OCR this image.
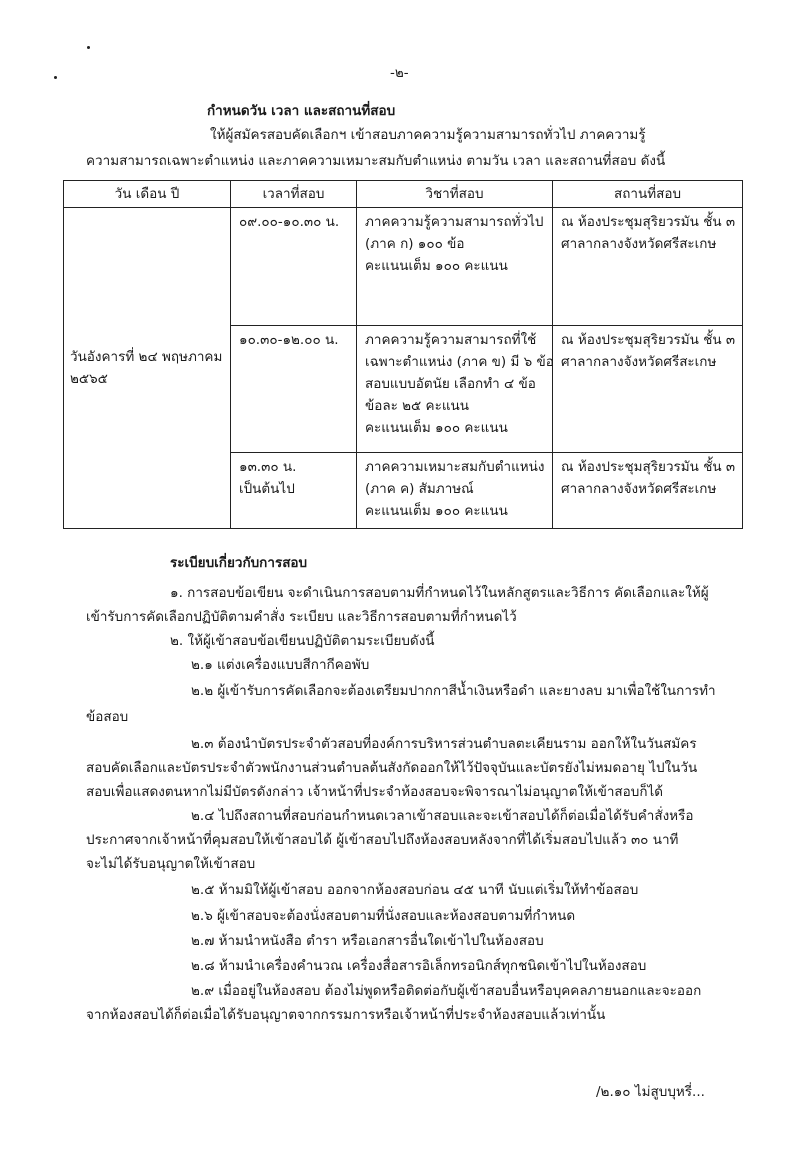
-๒-
กำหนดวัน เวลา และสถานที่สอบ
ให้ผู้สมัครสอบคัดเลือกฯ เข้าสอบภาคความรู้ความสามารถทั่วไป ภาคความรู้
ความสามารถเฉพาะตำแหน่ง และภาคความเหมาะสมกับตำแหน่ง ตามวัน เวลา และสถานที่สอบ ดังนี้
วัน เดือน ปี	เวลาที่สอบ	วิชาที่สอบ	สถานที่สอบ

วันอังคารที่ ๒๔ พฤษภาคม
๒๕๖๕	๐๙.๐๐-๑๐.๓๐ น.	ภาคความรู้ความสามารถทั่วไป
(ภาค ก) ๑๐๐ ข้อ
คะแนนเต็ม ๑๐๐ คะแนน	ณ ห้องประชุมสุริยวรมัน ชั้น ๓
ศาลากลางจังหวัดศรีสะเกษ

	๑๐.๓๐-๑๒.๐๐ น.	ภาคความรู้ความสามารถที่ใช้
เฉพาะตำแหน่ง (ภาค ข) มี ๖ ข้อ
สอบแบบอัตนัย เลือกทำ ๔ ข้อ
ข้อละ ๒๕ คะแนน
คะแนนเต็ม ๑๐๐ คะแนน	ณ ห้องประชุมสุริยวรมัน ชั้น ๓
ศาลากลางจังหวัดศรีสะเกษ

	๑๓.๓๐ น.
เป็นต้นไป	ภาคความเหมาะสมกับตำแหน่ง
(ภาค ค) สัมภาษณ์
คะแนนเต็ม ๑๐๐ คะแนน	ณ ห้องประชุมสุริยวรมัน ชั้น ๓
ศาลากลางจังหวัดศรีสะเกษ
ระเบียบเกี่ยวกับการสอบ
๑. การสอบข้อเขียน จะดำเนินการสอบตามที่กำหนดไว้ในหลักสูตรและวิธีการ คัดเลือกและให้ผู้
เข้ารับการคัดเลือกปฏิบัติตามคำสั่ง ระเบียบ และวิธีการสอบตามที่กำหนดไว้
๒. ให้ผู้เข้าสอบข้อเขียนปฏิบัติตามระเบียบดังนี้
๒.๑ แต่งเครื่องแบบสีกากีคอพับ
๒.๒ ผู้เข้ารับการคัดเลือกจะต้องเตรียมปากกาสีน้ำเงินหรือดำ และยางลบ มาเพื่อใช้ในการทำ
ข้อสอบ
๒.๓ ต้องนำบัตรประจำตัวสอบที่องค์การบริหารส่วนตำบลตะเคียนราม ออกให้ในวันสมัคร
สอบคัดเลือกและบัตรประจำตัวพนักงานส่วนตำบลต้นสังกัดออกให้ไว้ปัจจุบันและบัตรยังไม่หมดอายุ ไปในวัน
สอบเพื่อแสดงตนหากไม่มีบัตรดังกล่าว เจ้าหน้าที่ประจำห้องสอบจะพิจารณาไม่อนุญาตให้เข้าสอบก็ได้
๒.๔ ไปถึงสถานที่สอบก่อนกำหนดเวลาเข้าสอบและจะเข้าสอบได้ก็ต่อเมื่อได้รับคำสั่งหรือ
ประกาศจากเจ้าหน้าที่คุมสอบให้เข้าสอบได้ ผู้เข้าสอบไปถึงห้องสอบหลังจากที่ได้เริ่มสอบไปแล้ว ๓๐ นาที
จะไม่ได้รับอนุญาตให้เข้าสอบ
๒.๕ ห้ามมิให้ผู้เข้าสอบ ออกจากห้องสอบก่อน ๔๕ นาที นับแต่เริ่มให้ทำข้อสอบ
๒.๖ ผู้เข้าสอบจะต้องนั่งสอบตามที่นั่งสอบและห้องสอบตามที่กำหนด
๒.๗ ห้ามนำหนังสือ ตำรา หรือเอกสารอื่นใดเข้าไปในห้องสอบ
๒.๘ ห้ามนำเครื่องคำนวณ เครื่องสื่อสารอิเล็กทรอนิกส์ทุกชนิดเข้าไปในห้องสอบ
๒.๙ เมื่ออยู่ในห้องสอบ ต้องไม่พูดหรือติดต่อกับผู้เข้าสอบอื่นหรือบุคคลภายนอกและจะออก
จากห้องสอบได้ก็ต่อเมื่อได้รับอนุญาตจากกรรมการหรือเจ้าหน้าที่ประจำห้องสอบแล้วเท่านั้น
/๒.๑๐ ไม่สูบบุหรี่...
